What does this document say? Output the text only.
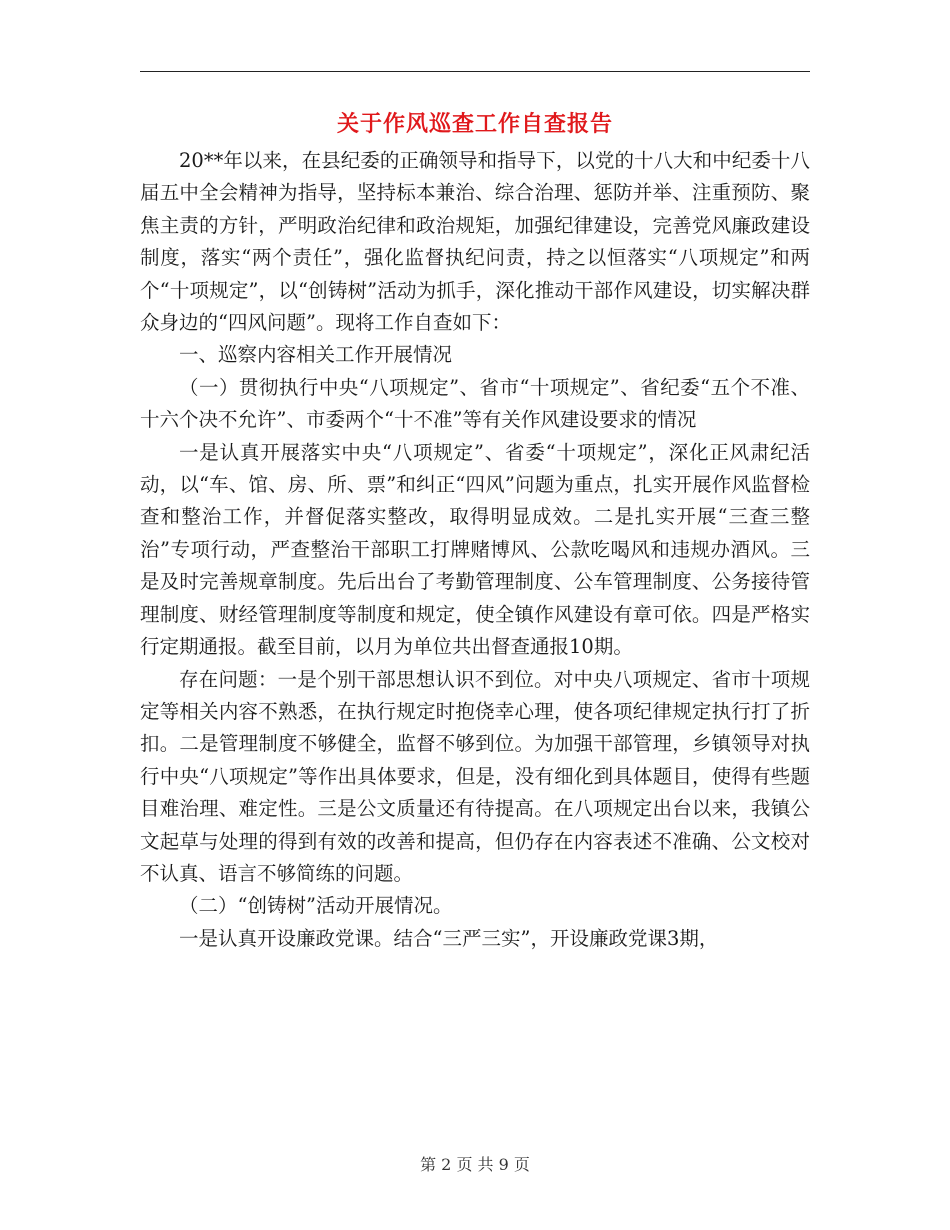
关于作风巡查工作自查报告

20**年以来，在县纪委的正确领导和指导下，以党的十八大和中纪委十八届五中全会精神为指导，坚持标本兼治、综合治理、惩防并举、注重预防、聚焦主责的方针，严明政治纪律和政治规矩，加强纪律建设，完善党风廉政建设制度，落实“两个责任”，强化监督执纪问责，持之以恒落实“八项规定”和两个“十项规定”，以“创铸树”活动为抓手，深化推动干部作风建设，切实解决群众身边的“四风问题”。现将工作自查如下：

一、巡察内容相关工作开展情况

（一）贯彻执行中央“八项规定”、省市“十项规定”、省纪委“五个不准、十六个决不允许”、市委两个“十不准”等有关作风建设要求的情况

一是认真开展落实中央“八项规定”、省委“十项规定”，深化正风肃纪活动，以“车、馆、房、所、票”和纠正“四风”问题为重点，扎实开展作风监督检查和整治工作，并督促落实整改，取得明显成效。二是扎实开展“三查三整治”专项行动，严查整治干部职工打牌赌博风、公款吃喝风和违规办酒风。三是及时完善规章制度。先后出台了考勤管理制度、公车管理制度、公务接待管理制度、财经管理制度等制度和规定，使全镇作风建设有章可依。四是严格实行定期通报。截至目前，以月为单位共出督查通报10期。

存在问题：一是个别干部思想认识不到位。对中央八项规定、省市十项规定等相关内容不熟悉，在执行规定时抱侥幸心理，使各项纪律规定执行打了折扣。二是管理制度不够健全，监督不够到位。为加强干部管理，乡镇领导对执行中央“八项规定”等作出具体要求，但是，没有细化到具体题目，使得有些题目难治理、难定性。三是公文质量还有待提高。在八项规定出台以来，我镇公文起草与处理的得到有效的改善和提高，但仍存在内容表述不准确、公文校对不认真、语言不够简练的问题。

（二）“创铸树”活动开展情况。

一是认真开设廉政党课。结合“三严三实”，开设廉政党课3期，

第 2 页 共 9 页
